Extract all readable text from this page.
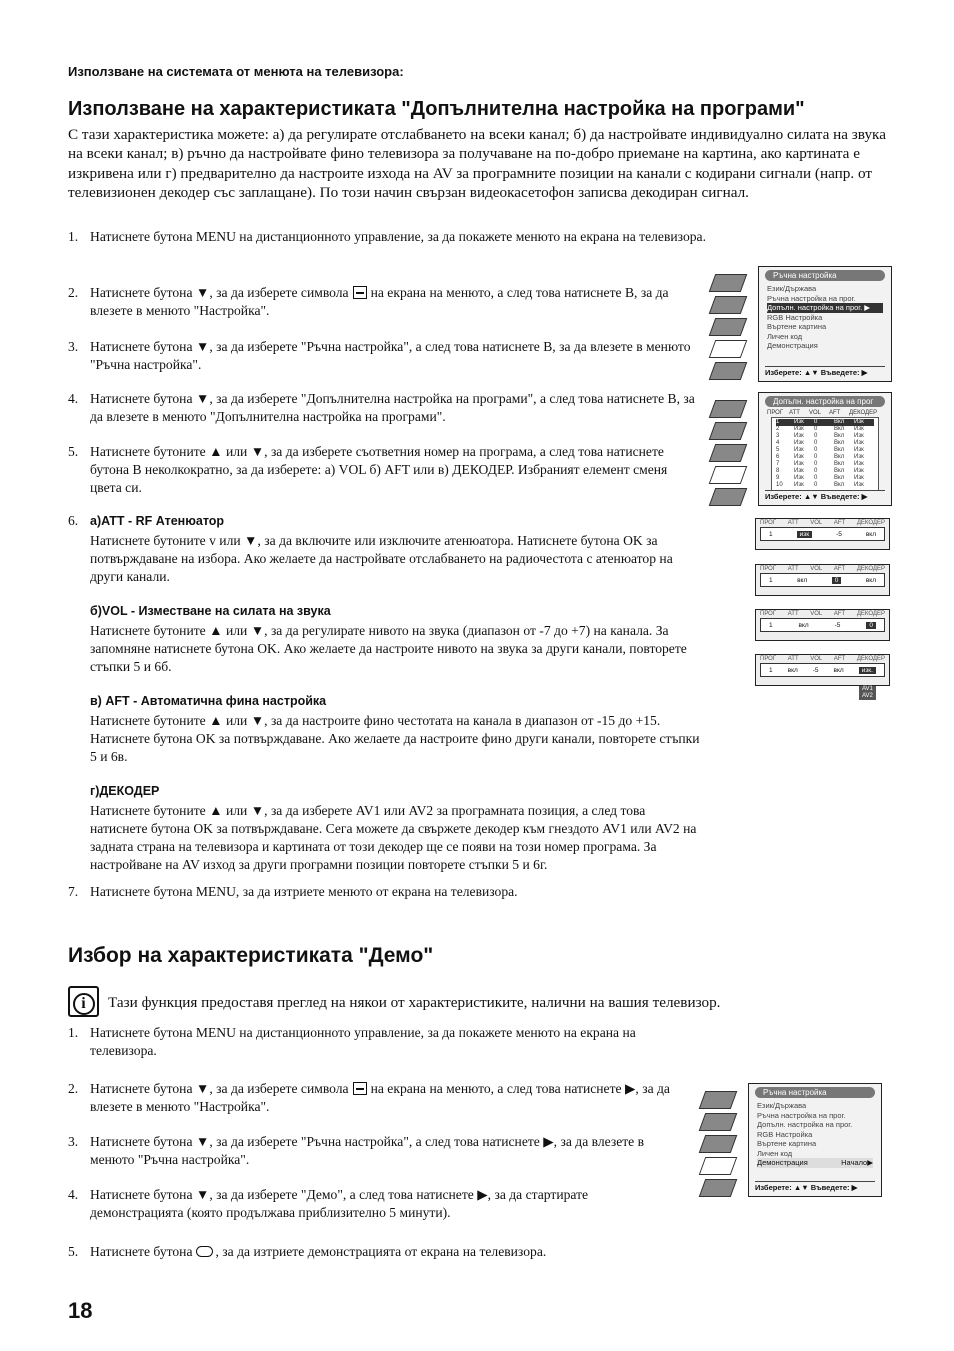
Използване на системата от менюта на телевизора:
Използване на характеристиката "Допълнителна настройка на програми"
С тази характеристика можете: а) да регулирате отслабването на всеки канал; б) да настройвате индивидуално силата на звука на всеки канал; в) ръчно да настройвате фино телевизора за получаване на по-добро приемане на картина, ако картината е изкривена или г) предварително да настроите изхода на AV за програмните позиции на канали с кодирани сигнали (напр. от телевизионен декодер със заплащане). По този начин свързан видеокасетофон записва декодиран сигнал.
1. Натиснете бутона MENU на дистанционното управление, за да покажете менюто на екрана на телевизора.
2. Натиснете бутона ▼, за да изберете символа на екрана на менюто, а след това натиснете B, за да влезете в менюто "Настройка".
3. Натиснете бутона ▼, за да изберете "Ръчна настройка", а след това натиснете B, за да влезете в менюто "Ръчна настройка".
4. Натиснете бутона ▼, за да изберете "Допълнителна настройка на програми", а след това натиснете B, за да влезете в менюто "Допълнителна настройка на програми".
5. Натиснете бутоните ▲ или ▼, за да изберете съответния номер на програма, а след това натиснете бутона B неколкократно, за да изберете: а) VOL б) AFT или в) ДЕКОДЕР. Избраният елемент сменя цвета си.
6. а)ATT - RF Атенюатор
Натиснете бутоните v или ▼, за да включите или изключите атенюатора. Натиснете бутона OK за потвърждаване на избора. Ако желаете да настройвате отслабването на радиочестота с атенюатор на други канали.
б)VOL - Изместване на силата на звука
Натиснете бутоните ▲ или ▼, за да регулирате нивото на звука (диапазон от -7 до +7) на канала. За запомняне натиснете бутона OK. Ако желаете да настроите нивото на звука за други канали, повторете стъпки 5 и 6б.
в) AFT - Автоматична фина настройка
Натиснете бутоните ▲ или ▼, за да настроите фино честотата на канала в диапазон от -15 до +15. Натиснете бутона OK за потвърждаване. Ако желаете да настроите фино други канали, повторете стъпки 5 и 6в.
г)ДЕКОДЕР
Натиснете бутоните ▲ или ▼, за да изберете AV1 или AV2 за програмната позиция, а след това натиснете бутона OK за потвърждаване. Сега можете да свържете декодер към гнездото AV1 или AV2 на задната страна на телевизора и картината от този декодер ще се появи на този номер програма. За настройване на AV изход за други програмни позиции повторете стъпки 5 и 6г.
7. Натиснете бутона MENU, за да изтриете менюто от екрана на телевизора.
Избор на характеристиката "Демо"
i	Тази функция предоставя преглед на някои от характеристиките, налични на вашия телевизор.
1. Натиснете бутона MENU на дистанционното управление, за да покажете менюто на екрана на телевизора.
2. Натиснете бутона ▼, за да изберете символа на екрана на менюто, а след това натиснете ▶, за да влезете в менюто "Настройка".
3. Натиснете бутона ▼, за да изберете "Ръчна настройка", а след това натиснете ▶, за да влезете в менюто "Ръчна настройка".
4. Натиснете бутона ▼, за да изберете "Демо", а след това натиснете ▶, за да стартирате демонстрацията (която продължава приблизително 5 минути).
5. Натиснете бутона , за да изтриете демонстрацията от екрана на телевизора.
18
Ръчна настройка
Език/Държава
Ръчна настройка на прог.
Допълн. настройка на прог. ▶
RGB Настройка
Въртене картина
Личен код
Демонстрация
Изберете: ▲▼ Въведете: ▶
Допълн. настройка на прог
ПРОГ ATT	VOL	AFT	ДЕКОДЕР
1	Изк	0	Вкл	Изк
2	Изк	0	Вкл	Изк
3	Изк	0	Вкл	Изк
4	Изк	0	Вкл	Изк
5	Изк	0	Вкл	Изк
6	Изк	0	Вкл	Изк
7	Изк	0	Вкл	Изк
8	Изк	0	Вкл	Изк
9	Изк	0	Вкл	Изк
10	Изк	0	Вкл	Изк
Изберете: ▲▼ Въведете: ▶
ПРОГ ATT VOL AFT ДЕКОДЕР
1	изк	-5	вкл
ПРОГ ATT VOL AFT ДЕКОДЕР
1	вкл	0	вкл
ПРОГ ATT VOL AFT ДЕКОДЕР
1	вкл	-5	0
ПРОГ ATT VOL AFT ДЕКОДЕР
1 вкл -5 вкл	изк.
AV1
AV2
Ръчна настройка
Език/Държава
Ръчна настройка на прог.
Допълн. настройка на прог.
RGB Настройка
Въртене картина
Личен код
Демонстрация	Начало▶
Изберете: ▲▼ Въведете: ▶
